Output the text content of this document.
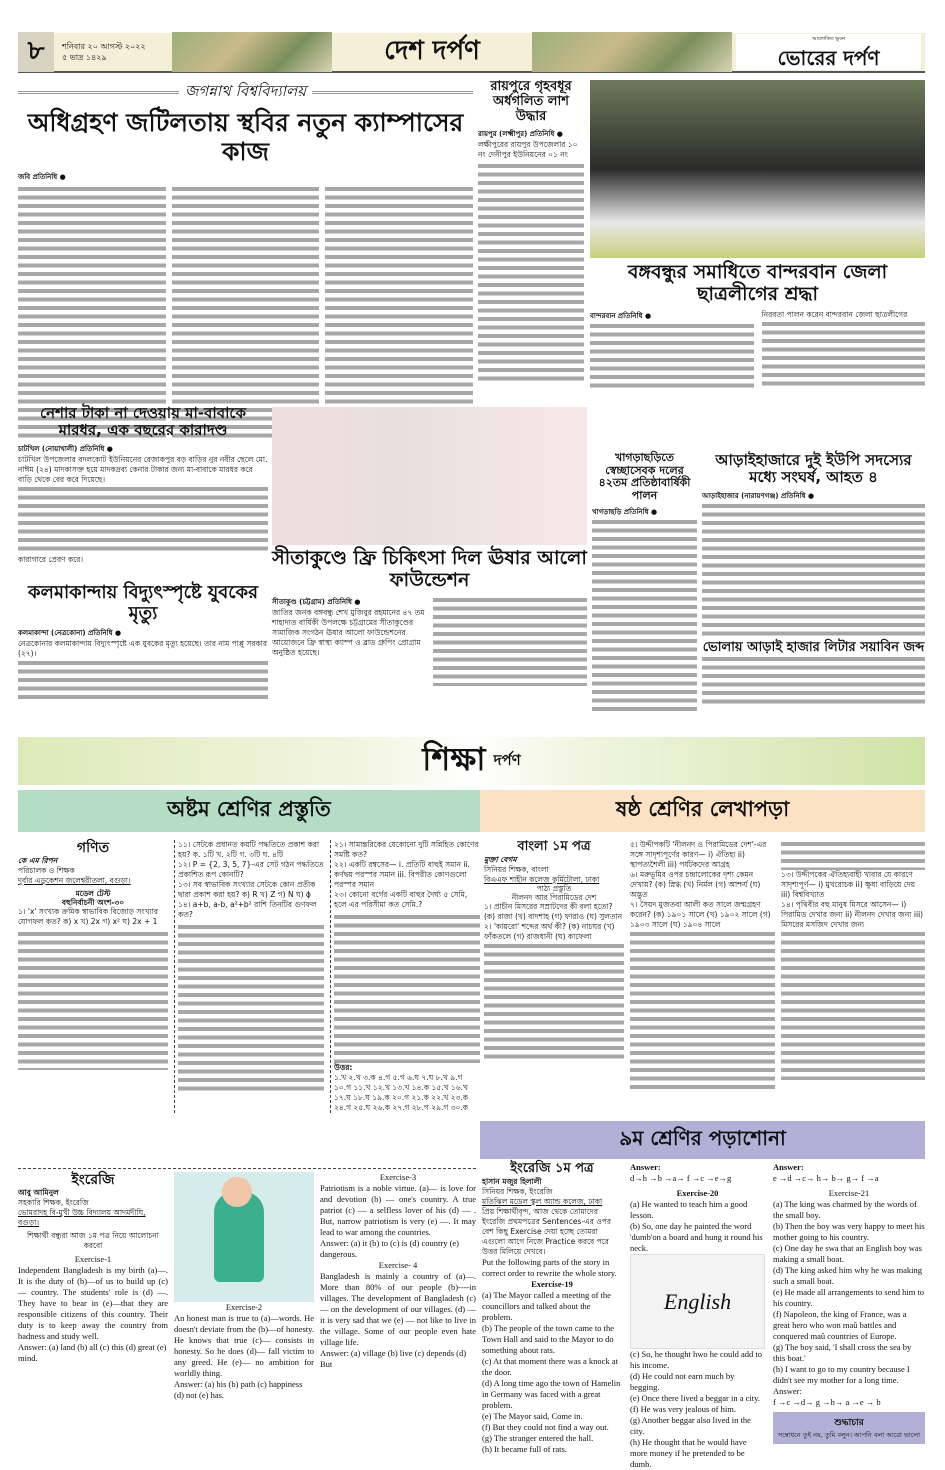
৮	শনিবার ২০ আগস্ট ২০২২
৫ ভাদ্র ১৪২৯	দেশ দর্পণ	আলোকিত ভুবন
ভোরের দর্পণ
জগন্নাথ বিশ্ববিদ্যালয়
অধিগ্রহণ জটিলতায় স্থবির নতুন ক্যাম্পাসের কাজ
জবি প্রতিনিধি ●
রায়পুরে গৃহবধূর অর্ধগলিত লাশ উদ্ধার
রায়পুর (লক্ষ্মীপুর) প্রতিনিধি ●
লক্ষীপুরের রায়পুর উপজেলার ১০ নং দেনীপুর ইউনিয়নের ০১ নং
বঙ্গবন্ধুর সমাধিতে বান্দরবান জেলা ছাত্রলীগের শ্রদ্ধা
বান্দরবান প্রতিনিধি ●	নিরবতা পালন করেন বান্দরবান জেলা ছাত্রলীগের
নেশার টাকা না দেওয়ায় মা-বাবাকে মারধর, এক বছরের কারাদণ্ড
চাটখিল (নোয়াখালী) প্রতিনিধি ●
চাটখিল উপজেলার বদলকোট ইউনিয়নের রেজাকপুর বড় বাড়ির নুর নবীর ছেলে মো. নাঈম (২৪) মাদকাসক্ত হয়ে মাদকদ্রব্য কেনার টাকার জন্য মা-বাবাকে মারধর করে বাড়ি থেকে বের করে দিয়েছে।
কারাগারে প্রেরণ করে।
কলমাকান্দায় বিদ্যুৎস্পৃষ্টে যুবকের মৃত্যু
কলমাকান্দা (নেত্রকোনা) প্রতিনিধি ●
নেত্রকোনার কলমাকান্দায় বিদ্যুৎস্পৃষ্টে এক যুবকের মৃত্যু হয়েছে। তার নাম পাপ্পু সরকার (২৭)।
সীতাকুণ্ডে ফ্রি চিকিৎসা দিল ঊষার আলো ফাউন্ডেশন
সীতাকুণ্ড (চট্টগ্রাম) প্রতিনিধি ●
জাতির জনক বঙ্গবন্ধু শেখ মুজিবুর রহমানের ৪৭ তম শাহাদাত বার্ষিকী উপলক্ষে চট্টগ্রামের সীতাকুণ্ডের সামাজিক সংগঠন ঊষার আলো ফাউন্ডেশনের আয়োজনে ফ্রি স্বাস্থ্য ক্যাম্প ও ব্লাড গ্রুপিং প্রোগ্রাম অনুষ্ঠিত হয়েছে।
খাগড়াছড়িতে স্বেচ্ছাসেবক দলের ৪২তম প্রতিষ্ঠাবার্ষিকী পালন
খাগড়াছড়ি প্রতিনিধি ●
আড়াইহাজারে দুই ইউপি সদস্যের মধ্যে সংঘর্ষ, আহত ৪
আড়াইহাজার (নারায়ণগঞ্জ) প্রতিনিধি ●
ভোলায় আড়াই হাজার লিটার সয়াবিন জব্দ
শিক্ষা দর্পণ
অষ্টম শ্রেণির প্রস্তুতি
গণিত
কে এম রিপন
পরিচালক ও শিক্ষক
দূর্বার এডুকেশন জলেশ্বরীতলা, বগুড়া।
মডেল টেস্ট
বহুনির্বাচনী অংশ-৩০
১। 'x' সংখ্যক ক্রমিক স্বাভাবিক বিজোড় সংখ্যার যোগফল কত? ক) x খ) 2x গ) x² ঘ) 2x + 1
১১। সেটকে প্রধানত কয়টি পদ্ধতিতে প্রকাশ করা হয়? ক. ১টি খ. ২টি গ. ৩টি ঘ. ৪টি
১২। P = {2, 3, 5, 7}-এর সেট গঠন পদ্ধতিতে প্রকাশিত রূপ কোনটি?
১৩। সব স্বাভাবিক সংখ্যার সেটকে কোন প্রতীক দ্বারা প্রকাশ করা হয়? ক) R খ) Z গ) N ঘ) ϕ
১৪। a+b, a-b, a²+b² রাশি তিনটির গুণফল কত?
২১। সামান্তরিকের যেকোনো দুটি সন্নিহিত কোণের সমষ্টি কত?
২২। একটি রম্বসের— i. প্রতিটি বাহুই সমান ii. কর্ণদ্বয় পরস্পর সমান iii. বিপরীত কোণগুলো পরস্পর সমান
২৩। কোনো বর্গের একটি বাহুর দৈর্ঘ্য ৫ সেমি, হলে এর পরিসীমা কত সেমি.?
উত্তর:
১.খ ২.খ ৩.ক ৪.গ ৫.গ ৬.ঘ ৭.ঘ ৮.খ ৯.গ ১০.গ ১১.খ ১২.খ ১৩.খ ১৪.ক ১৫.খ ১৬.খ ১৭.ঘ ১৮.ঘ ১৯.ক ২০.গ ২১.ক ২২.খ ২৩.ক ২৪.গ ২৫.ঘ ২৬.ক ২৭.গ ২৮.গ ২৯.গ ৩০.ক
ষষ্ঠ শ্রেণির লেখাপড়া
বাংলা ১ম পত্র
মুক্তা বেগম
সিনিয়র শিক্ষক, বাংলা
বিএএফ শাহীন কলেজ কুর্মিটোলা, ঢাকা
পাঠ্য প্রস্তুতি
নীলনদ আর পিরামিডের দেশ
১। প্রাচীন মিসরের সম্রাটদের কী বলা হতো? (ক) রাজা (খ) বাদশাহ (গ) ফারাও (ঘ) সুলতান
২। 'কায়রো' শব্দের অর্থ কী? (ক) নাচঘর (খ) ফাঁকতলে (গ) রাজধানী (ঘ) কাফেলা
৫। উদ্দীপকটি 'নীলনদ ও পিরামিডের দেশ'-এর সঙ্গে সাদৃশ্যপূর্ণের কারণ— i) ঐতিহ্য ii) স্থাপত্যশৈলী iii) পর্যটকদের আগ্রহ
৬। মরুভূমির ওপর চন্দ্রালোকের দৃশ্য কেমন দেখায়? (ক) স্নিগ্ধ (খ) নির্মল (গ) আশ্চর্য (ঘ) অদ্ভুত
৭। সৈয়দ মুজতবা আলী কত সালে জন্মগ্রহণ করেন? (ক) ১৯০১ সালে (খ) ১৯০২ সালে (গ) ১৯০৩ সালে (ঘ) ১৯০৪ সালে
১৩। উদ্দীপকের ঐতিহ্যবাহী খাবার যে কারণে সাদৃশ্যপূর্ণ— i) মুখরোচক ii) ক্ষুধা বাড়িয়ে দেয় iii) বিশ্ববিখ্যাত
১৪। পৃথিবীর বহু মানুষ মিসরে আসেন— i) পিরামিড দেখার জন্য ii) নীলনদ দেখার জন্য iii) মিসরের মসজিদ দেখার জন্য
ইংরেজি
আবু আমিনুল
সহকারি শিক্ষক, ইংরেজি
ভোমরাদহ বি-মুখী উচ্চ বিদ্যালয় আদমদীঘি, বগুড়া।
শিক্ষার্থী বন্ধুরা আজ ১ম পত্র নিয়ে আলোচনা করবো
Exercise-1
Independent Bangladesh is my birth (a)—. It is the duty of (b)—of us to build up (c) — country. The students' role is (d) —. They have to bear in (e)—that they are responsible citizens of this country. Their duty is to keep away the country from badness and study well.
Answer: (a) land (b) all (c) this (d) great (e) mind.
Exercise-2
An honest man is true to (a)—words. He doesn't deviate from the (b)—of honesty. He knows that true (c)— consists in honesty. So he does (d)— fall victim to any greed. He (e)— no ambition for worldly thing.
Answer: (a) his (b) path (c) happiness (d) not (e) has.
Exercise-3
Patriotism is a noble virtue. (a)— is love for and devotion (b) — one's country. A true patriot (c) — a selfless lover of his (d) — . But, narrow patriotism is very (e) —. It may lead to war among the countries.
Answer: (a) it (b) to (c) is (d) country (e) dangerous.
Exercise- 4
Bangladesh is mainly a country of (a)—. More than 80% of our people (b)----in villages. The development of Bangladesh (c) — on the development of our villages. (d) — it is very sad that we (e) — not like to live in the village. Some of our people even hate village life.
Answer: (a) village (b) live (c) depends (d) But
৯ম শ্রেণির পড়াশোনা
ইংরেজি ১ম পত্র
হাসান মজুর হিলালী
সিনিয়র শিক্ষক, ইংরেজি
মতিঝিল মডেল স্কুল অ্যান্ড কলেজ, ঢাকা
প্রিয় শিক্ষার্থীবৃন্দ, আজ থেকে তোমাদের ইংরেজি প্রথমপত্রের Sentences-এর ওপর বেশ কিছু Exercise দেয়া হচ্ছে তোমরা এগুলো আগে নিজে Practice করবে পরে উত্তর মিলিয়ে দেখবে।
Put the following parts of the story in correct order to rewrite the whole story.
Exercise-19
(a) The Mayor called a meeting of the councillors and talked about the problem.
(b) The people of the town came to the Town Hall and said to the Mayor to do something about rats.
(c) At that moment there was a knock at the door.
(d) A long time ago the town of Hamelin in Germany was faced with a great problem.
(e) The Mayor said, Come in.
(f) But they could not find a way out.
(g) The stranger entered the hall.
(h) It became full of rats.
Answer:
d→h →b →a→ f →c →e→g
Exercise-20
(a) He wanted to teach him a good lesson.
(b) So, one day he painted the word 'dumb'on a board and hung it round his neck.
English
(c) So, he thought hwo he could add to his income.
(d) He could not earn much by begging.
(e) Once there lived a beggar in a city.
(f) He was very jealous of him.
(g) Another beggar also lived in the city.
(h) He thought that he would have more money if he pretended to be dumb.
Answer:
e →d →c→ h→ b→ g→ f →a
Exercise-21
(a) The king was charmed by the words of the small boy.
(b) Then the boy was very happy to meet his mother going to his country.
(c) One day he swa that an English boy was making a small boat.
(d) The king asked him why he was making such a small boat.
(e) He made all arrangements to send him to his country.
(f) Napoleon, the king of France, was a great hero who won maû battles and conquered maû countries of Europe.
(g) The boy said, 'I shall cross the sea by this boat.'
(h) I want to go to my country because I didn't see my mother for a long time.
Answer:
f →c →d→ g →h→ a →e → b
শুদ্ধাচার
সম্বোধনে তুই নয়, তুমি বলুন। আপনি বলা আরো ভালো
